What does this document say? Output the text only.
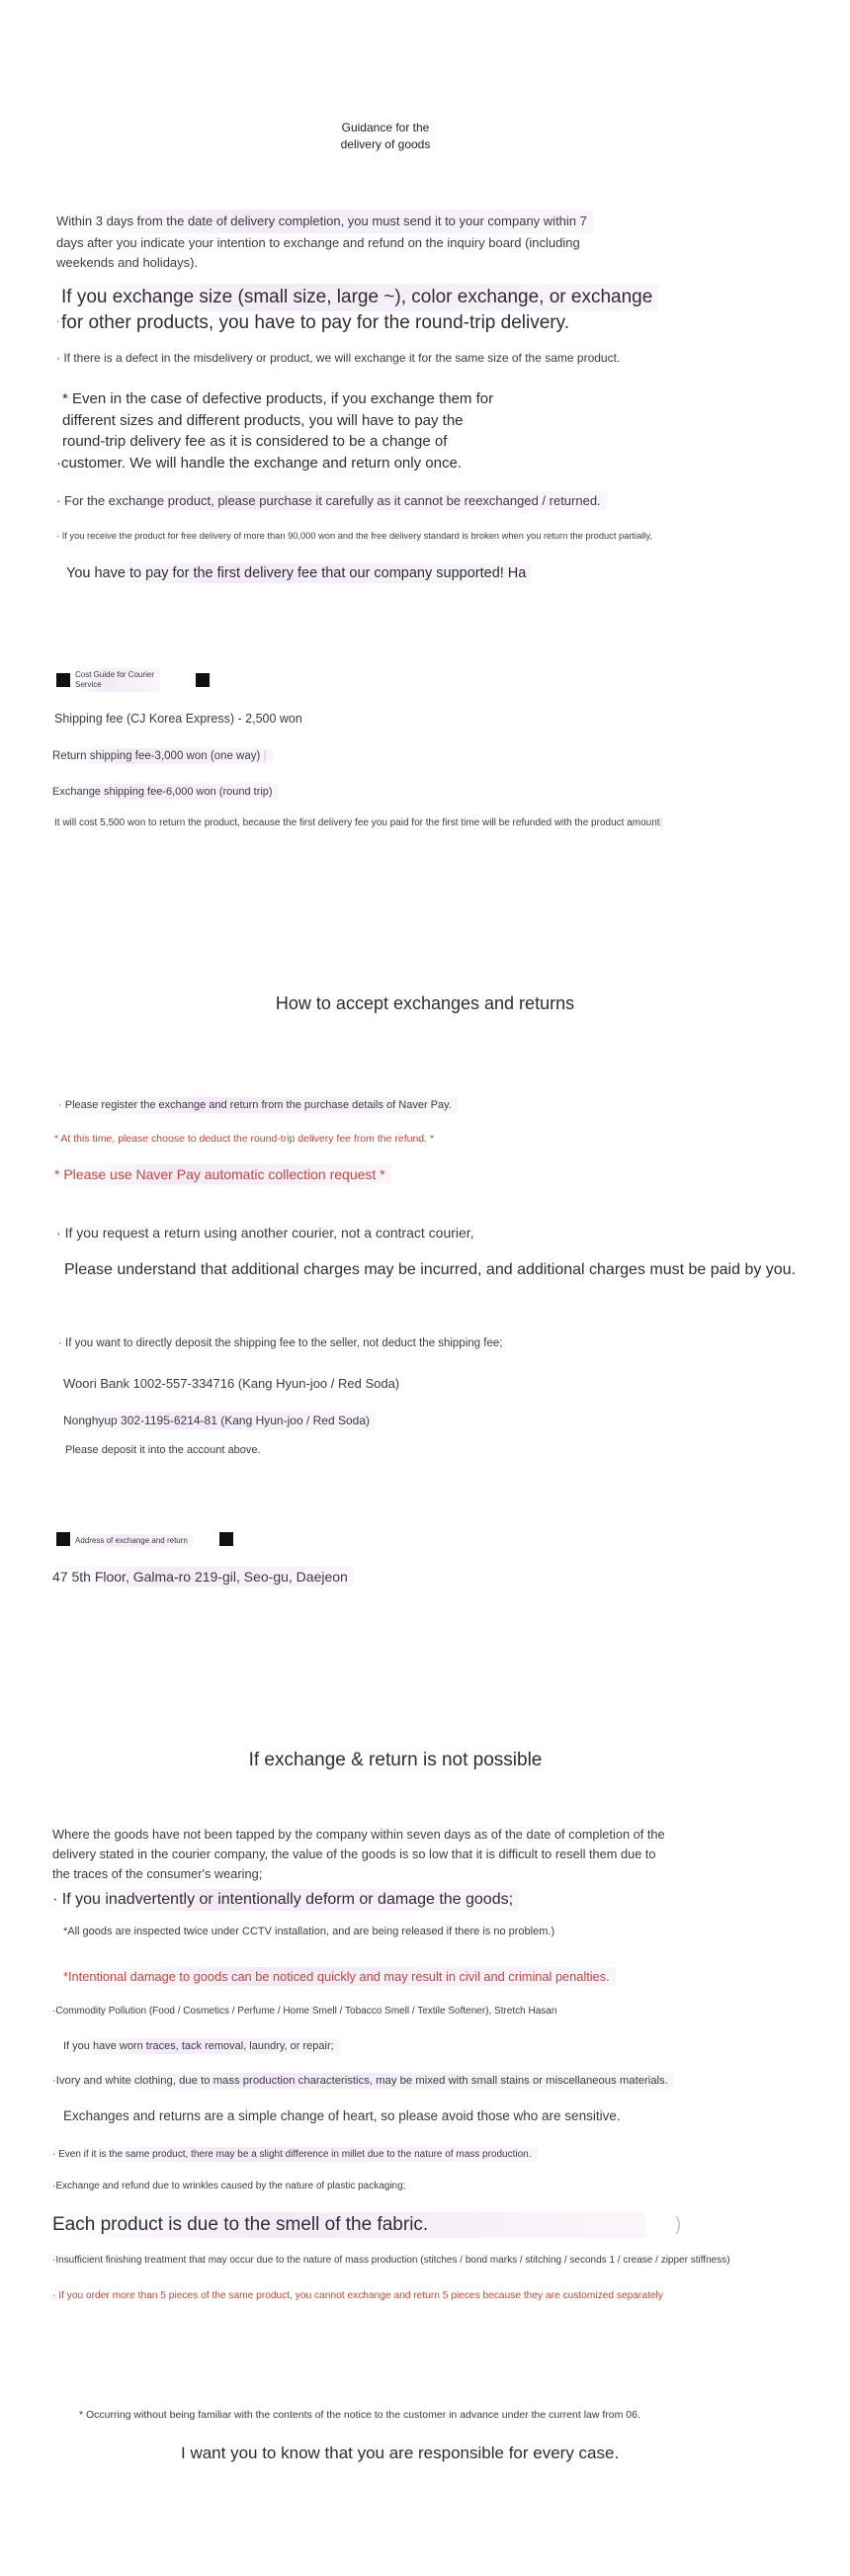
Guidance for the
delivery of goods
Within 3 days from the date of delivery completion, you must send it to your company within 7
days after you indicate your intention to exchange and refund on the inquiry board (including
weekends and holidays).
If you exchange size (small size, large ~), color exchange, or exchange
for other products, you have to pay for the round-trip delivery.
·
· If there is a defect in the misdelivery or product, we will exchange it for the same size of the same product.
* Even in the case of defective products, if you exchange them for
different sizes and different products, you will have to pay the
round-trip delivery fee as it is considered to be a change of
·customer. We will handle the exchange and return only once.
· For the exchange product, please purchase it carefully as it cannot be reexchanged / returned.
· If you receive the product for free delivery of more than 90,000 won and the free delivery standard is broken when you return the product partially,
You have to pay for the first delivery fee that our company supported! Ha
Cost Guide for Courier
Service
Shipping fee (CJ Korea Express) - 2,500 won
Return shipping fee-3,000 won (one way) |
Exchange shipping fee-6,000 won (round trip)
It will cost 5,500 won to return the product, because the first delivery fee you paid for the first time will be refunded with the product amount|
How to accept exchanges and returns
· Please register the exchange and return from the purchase details of Naver Pay.
* At this time, please choose to deduct the round-trip delivery fee from the refund. *
* Please use Naver Pay automatic collection request *
· If you request a return using another courier, not a contract courier,
Please understand that additional charges may be incurred, and additional charges must be paid by you.
· If you want to directly deposit the shipping fee to the seller, not deduct the shipping fee;
Woori Bank 1002-557-334716 (Kang Hyun-joo / Red Soda)
Nonghyup 302-1195-6214-81 (Kang Hyun-joo / Red Soda)
Please deposit it into the account above.
Address of exchange and return
47 5th Floor, Galma-ro 219-gil, Seo-gu, Daejeon
If exchange & return is not possible
Where the goods have not been tapped by the company within seven days as of the date of completion of the
delivery stated in the courier company, the value of the goods is so low that it is difficult to resell them due to
the traces of the consumer's wearing;
· If you inadvertently or intentionally deform or damage the goods;
*All goods are inspected twice under CCTV installation, and are being released if there is no problem.)
*Intentional damage to goods can be noticed quickly and may result in civil and criminal penalties.
·Commodity Pollution (Food / Cosmetics / Perfume / Home Smell / Tobacco Smell / Textile Softener), Stretch Hasan
If you have worn traces, tack removal, laundry, or repair;
·Ivory and white clothing, due to mass production characteristics, may be mixed with small stains or miscellaneous materials.
Exchanges and returns are a simple change of heart, so please avoid those who are sensitive.
· Even if it is the same product, there may be a slight difference in millet due to the nature of mass production.
·Exchange and refund due to wrinkles caused by the nature of plastic packaging;
Each product is due to the smell of the fabric.	)
·Insufficient finishing treatment that may occur due to the nature of mass production (stitches / bond marks / stitching / seconds 1 / crease / zipper stiffness)
· If you order more than 5 pieces of the same product, you cannot exchange and return 5 pieces because they are customized separately
* Occurring without being familiar with the contents of the notice to the customer in advance under the current law from 06.
I want you to know that you are responsible for every case.
